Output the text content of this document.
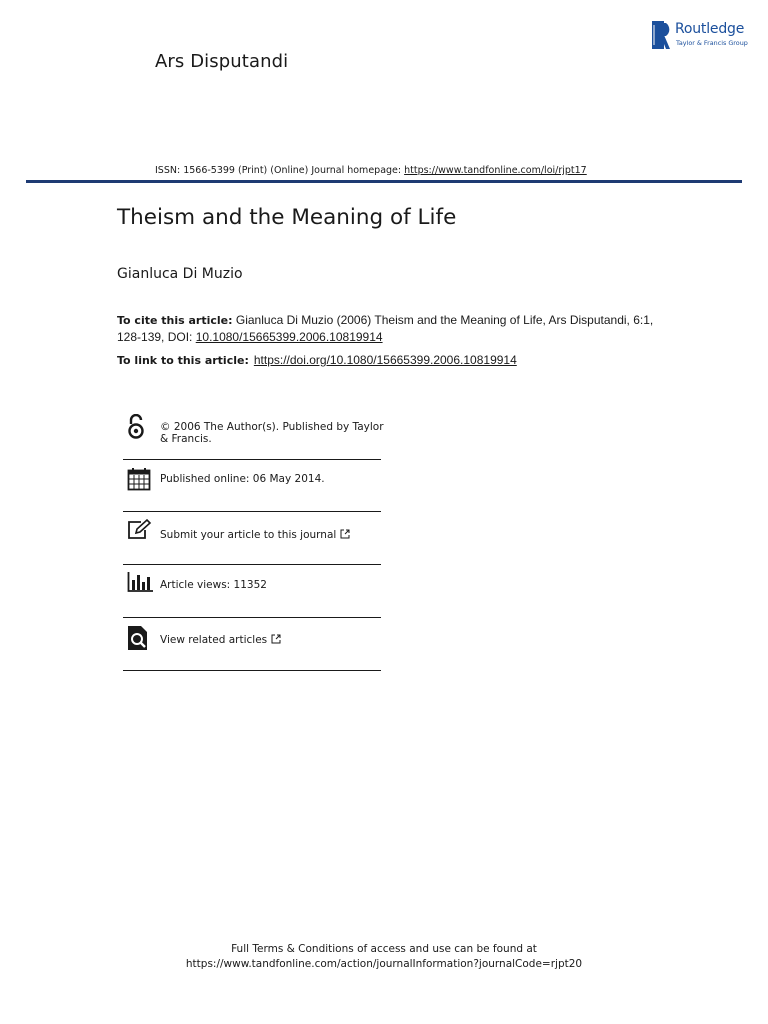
Ars Disputandi
Routledge
Taylor & Francis Group
ISSN: 1566-5399 (Print) (Online) Journal homepage: https://www.tandfonline.com/loi/rjpt17
Theism and the Meaning of Life
Gianluca Di Muzio
To cite this article: Gianluca Di Muzio (2006) Theism and the Meaning of Life, Ars Disputandi, 6:1, 128-139, DOI: 10.1080/15665399.2006.10819914
To link to this article: https://doi.org/10.1080/15665399.2006.10819914
© 2006 The Author(s). Published by Taylor & Francis.
Published online: 06 May 2014.
Submit your article to this journal
Article views: 11352
View related articles
Full Terms & Conditions of access and use can be found at
https://www.tandfonline.com/action/journalInformation?journalCode=rjpt20
